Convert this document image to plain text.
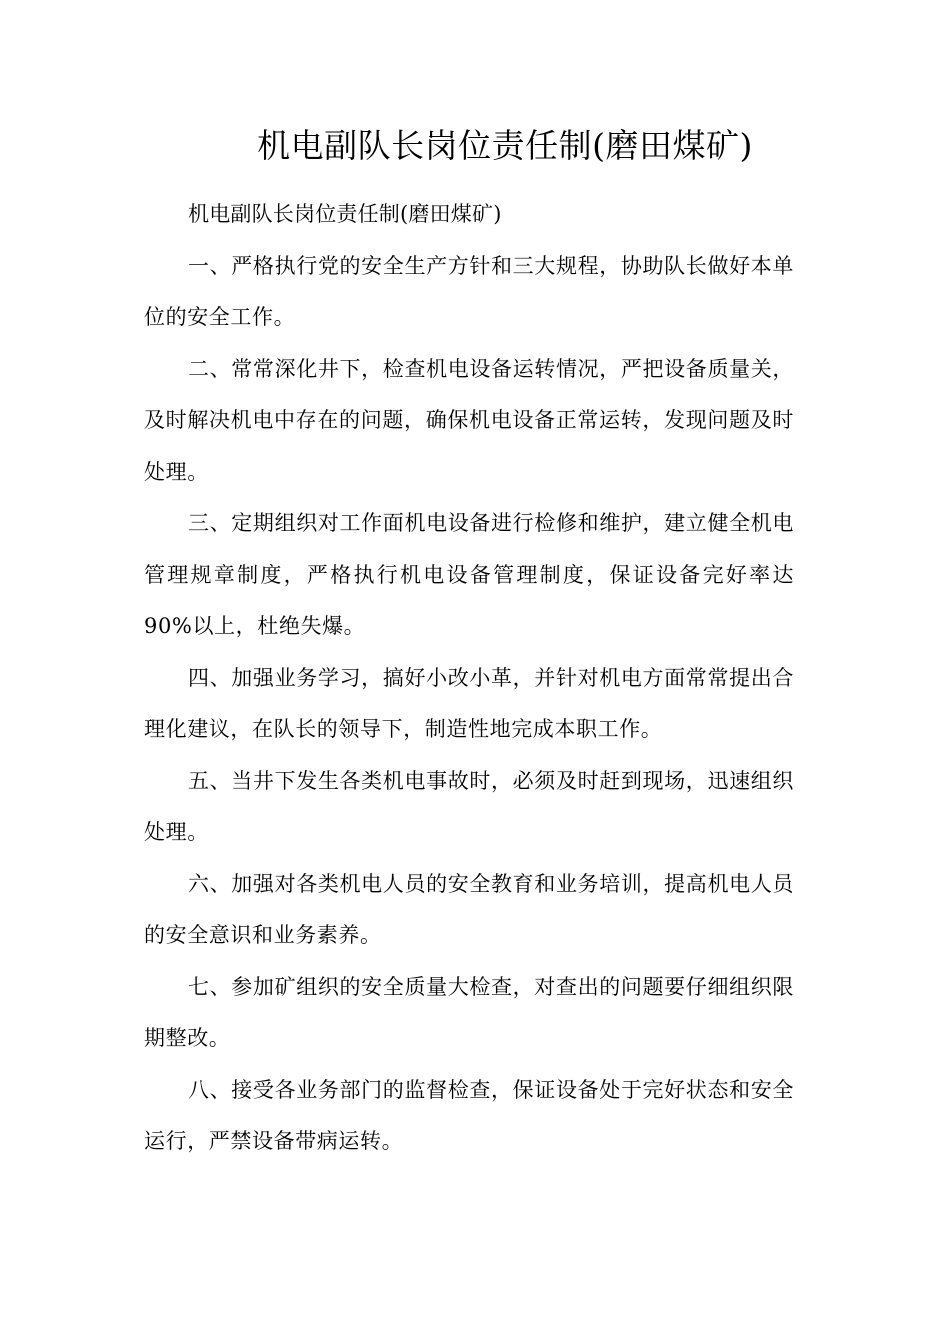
机电副队长岗位责任制(磨田煤矿)

机电副队长岗位责任制(磨田煤矿)

一、严格执行党的安全生产方针和三大规程，协助队长做好本单位的安全工作。

二、常常深化井下，检查机电设备运转情况，严把设备质量关，及时解决机电中存在的问题，确保机电设备正常运转，发现问题及时处理。

三、定期组织对工作面机电设备进行检修和维护，建立健全机电管理规章制度，严格执行机电设备管理制度，保证设备完好率达90%以上，杜绝失爆。

四、加强业务学习，搞好小改小革，并针对机电方面常常提出合理化建议，在队长的领导下，制造性地完成本职工作。

五、当井下发生各类机电事故时，必须及时赶到现场，迅速组织处理。

六、加强对各类机电人员的安全教育和业务培训，提高机电人员的安全意识和业务素养。

七、参加矿组织的安全质量大检查，对查出的问题要仔细组织限期整改。

八、接受各业务部门的监督检查，保证设备处于完好状态和安全运行，严禁设备带病运转。
